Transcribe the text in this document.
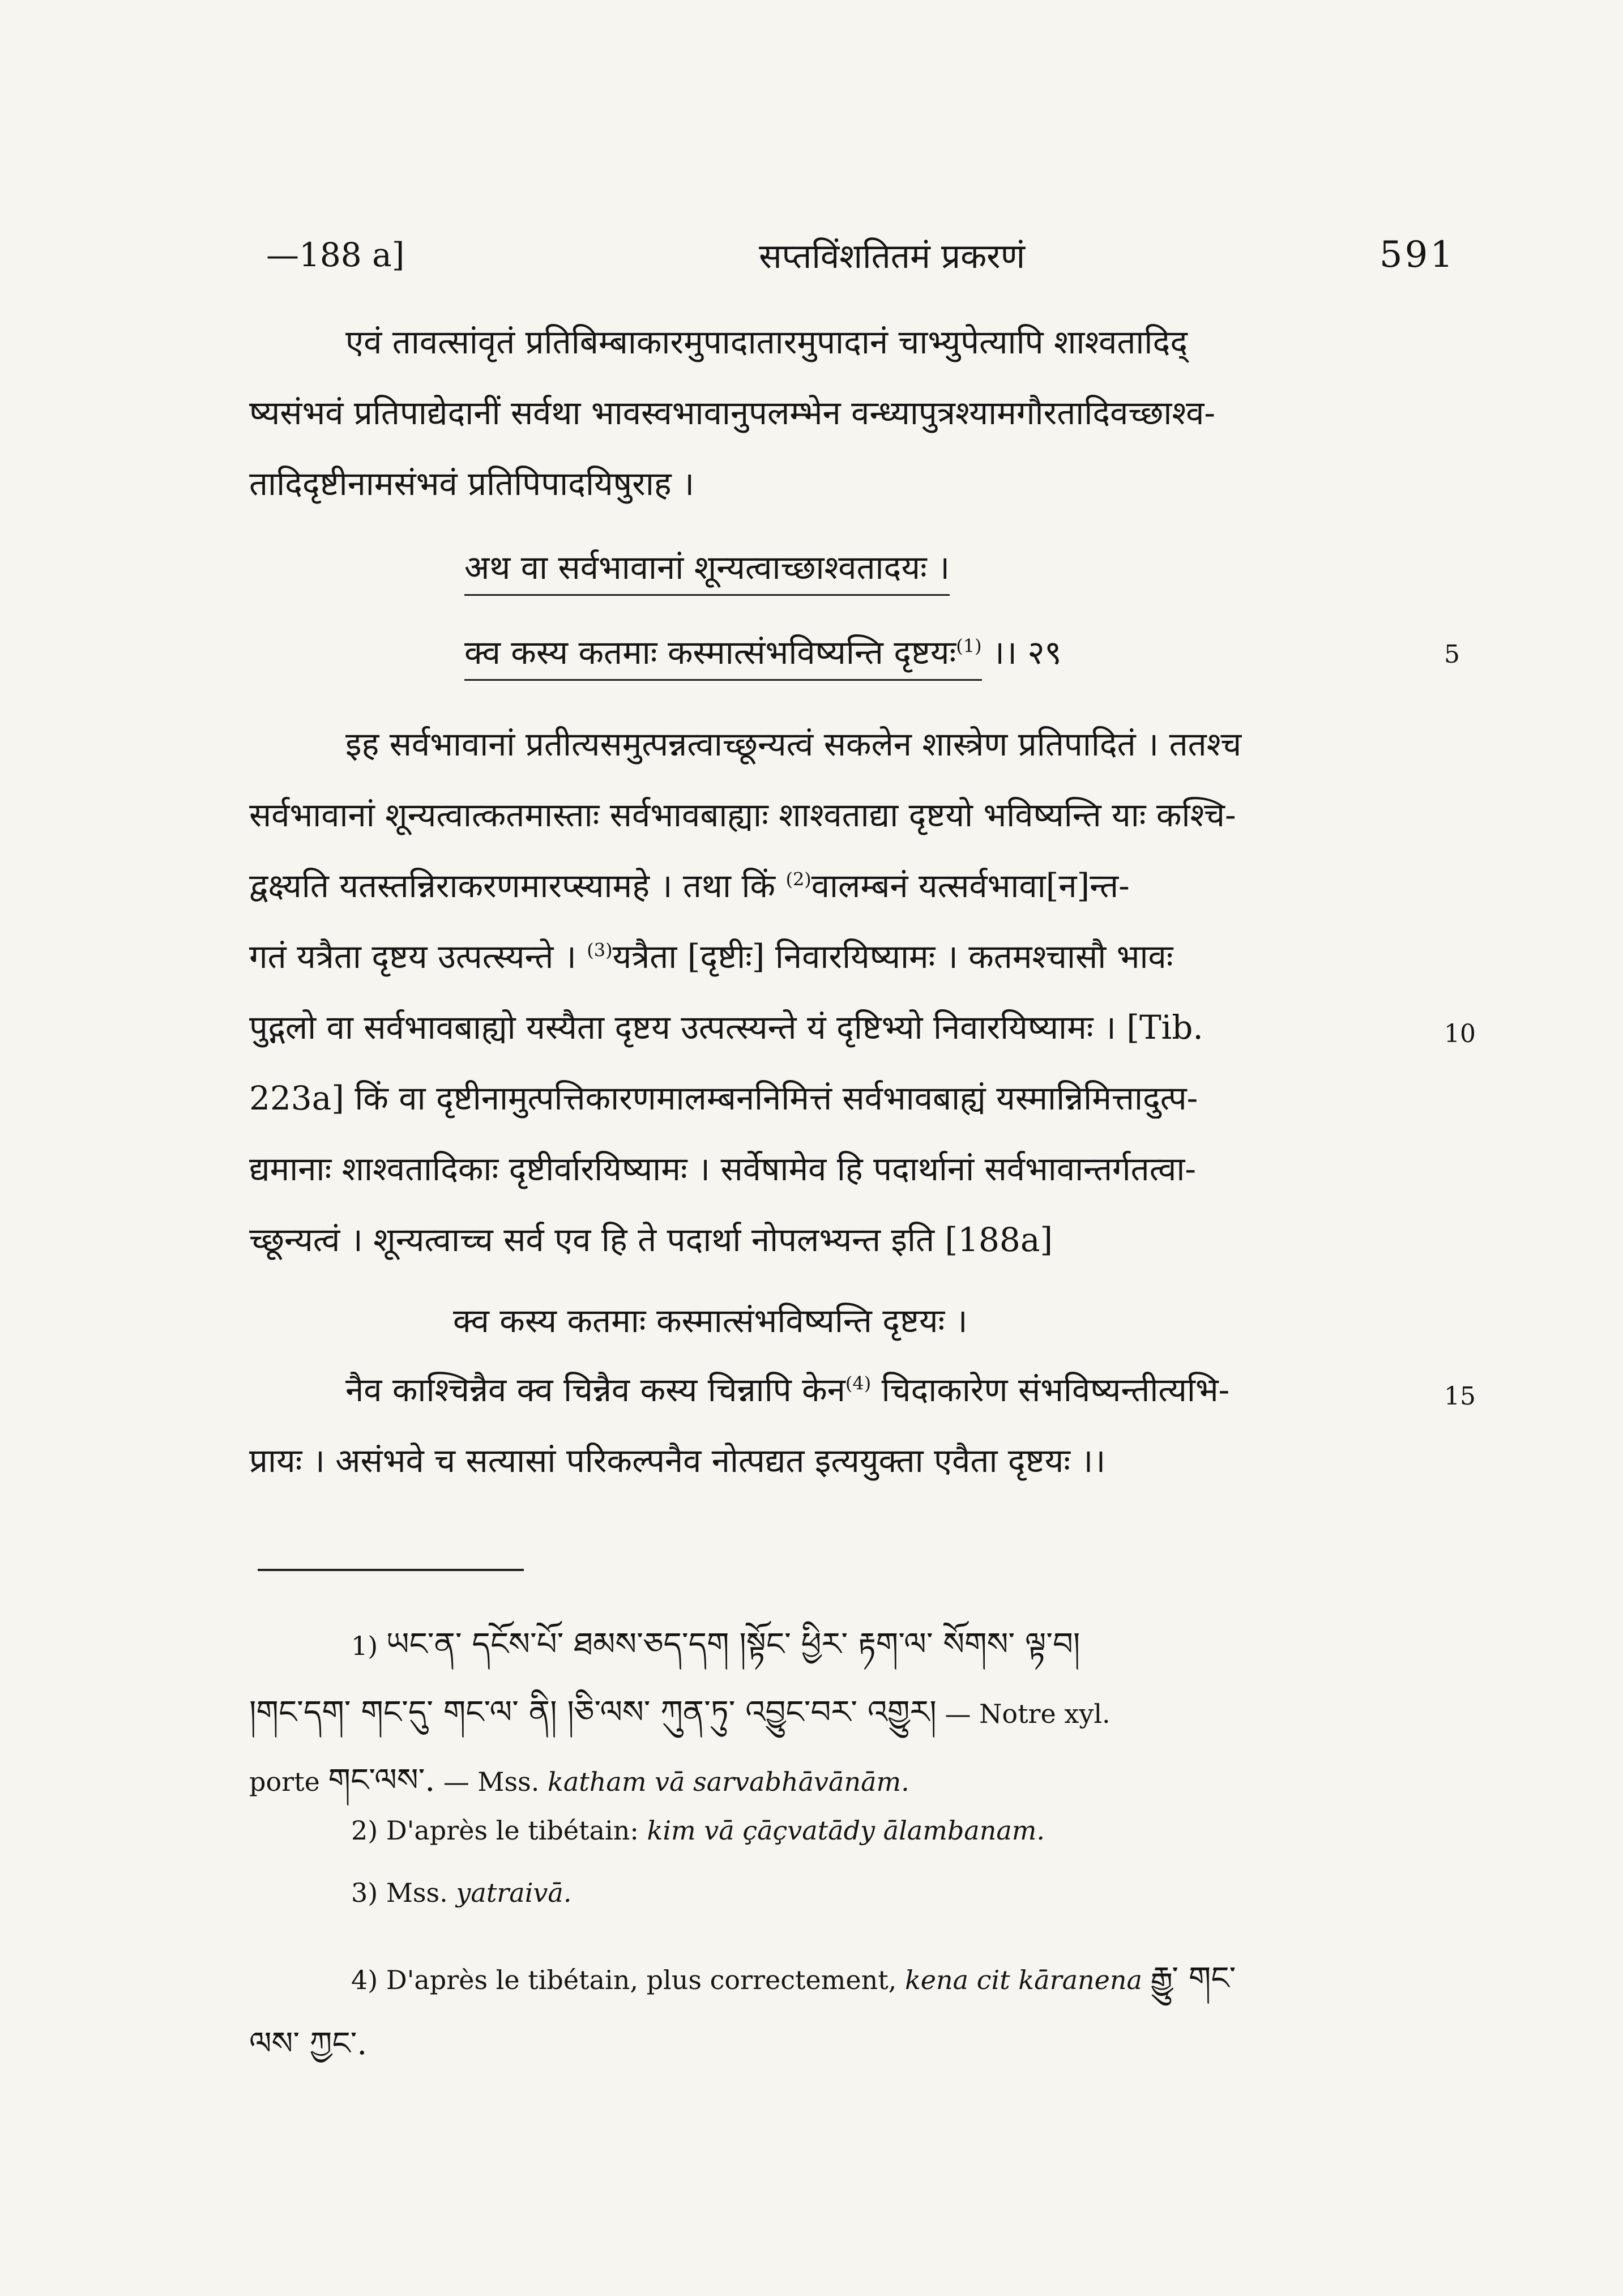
—188 a]	सप्तविंशतितमं प्रकरणं	591
एवं तावत्सांवृतं प्रतिबिम्बाकारमुपादातारमुपादानं चाभ्युपेत्यापि शाश्वतादिद्
ष्यसंभवं प्रतिपाद्येदानीं सर्वथा भावस्वभावानुपलम्भेन वन्ध्यापुत्रश्यामगौरतादिवच्छाश्व-
तादिदृष्टीनामसंभवं प्रतिपिपादयिषुराह ।
अथ वा सर्वभावानां शून्यत्वाच्छाश्वतादयः ।
क्व कस्य कतमाः कस्मात्संभविष्यन्ति दृष्टयः$^{(1)}$ ।। २९	5
इह सर्वभावानां प्रतीत्यसमुत्पन्नत्वाच्छून्यत्वं सकलेन शास्त्रेण प्रतिपादितं । ततश्च
सर्वभावानां शून्यत्वात्कतमास्ताः सर्वभावबाह्याः शाश्वताद्या दृष्टयो भविष्यन्ति याः कश्चि-
द्वक्ष्यति यतस्तन्निराकरणमारप्स्यामहे । तथा किं $^{(2)}$वालम्बनं यत्सर्वभावा[न]न्त-
गतं यत्रैता दृष्टय उत्पत्स्यन्ते । $^{(3)}$यत्रैता [दृष्टीः] निवारयिष्यामः । कतमश्चासौ भावः
पुद्गलो वा सर्वभावबाह्यो यस्यैता दृष्टय उत्पत्स्यन्ते यं दृष्टिभ्यो निवारयिष्यामः । [Tib.	10
223a] किं वा दृष्टीनामुत्पत्तिकारणमालम्बननिमित्तं सर्वभावबाह्यं यस्मान्निमित्तादुत्प-
द्यमानाः शाश्वतादिकाः दृष्टीर्वारयिष्यामः । सर्वेषामेव हि पदार्थानां सर्वभावान्तर्गतत्वा-
च्छून्यत्वं । शून्यत्वाच्च सर्व एव हि ते पदार्था नोपलभ्यन्त इति [188a]
क्व कस्य कतमाः कस्मात्संभविष्यन्ति दृष्टयः ।
नैव काश्चिन्नैव क्व चिन्नैव कस्य चिन्नापि केन$^{(4)}$ चिदाकारेण संभविष्यन्तीत्यभि-	15
प्रायः । असंभवे च सत्यासां परिकल्पनैव नोत्पद्यत इत्ययुक्ता एवैता दृष्टयः ।।
1) ཡང་ན་ དངོས་པོ་ ཐམས་ཅད་དག །སྟོང་ ཕྱིར་ རྟག་ལ་ སོགས་ ལྟ་བ།
།གང་དག་ གང་དུ་ གང་ལ་ ནི། །ཅི་ལས་ ཀུན་ཏུ་ འབྱུང་བར་ འགྱུར། — Notre xyl.
porte གང་ལས་. — Mss. katham vā sarvabhāvānām.
2) D'après le tibétain: kim vā çāçvatādy ālambanam.
3) Mss. yatraivā.
4) D'après le tibétain, plus correctement, kena cit kāranena རྒྱུ་ གང་
ལས་ ཀྱང་.
